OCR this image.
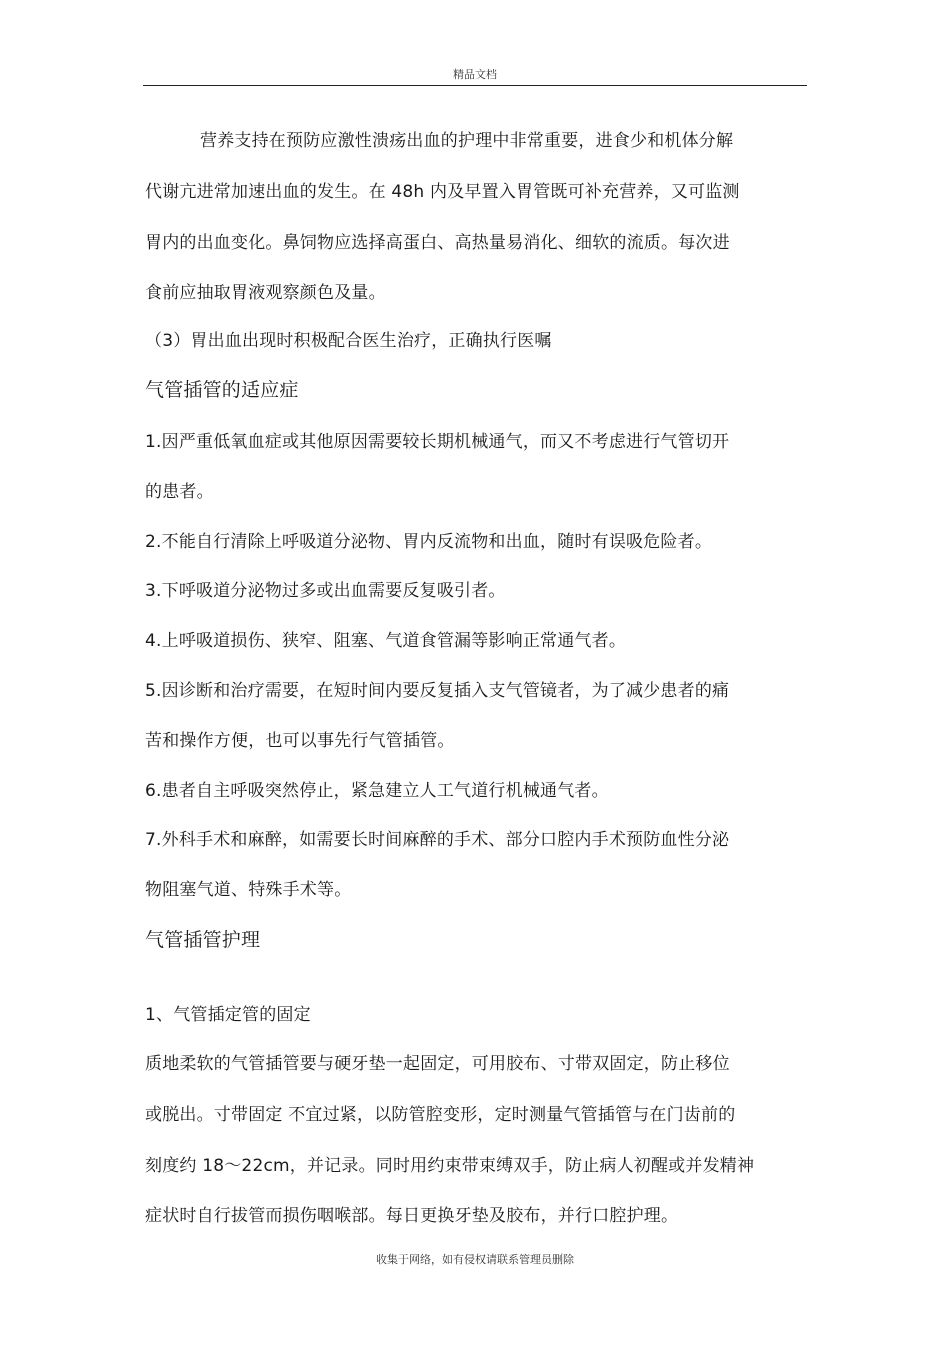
精品文档
营养支持在预防应激性溃疡出血的护理中非常重要，进食少和机体分解
代谢亢进常加速出血的发生。在 48h 内及早置入胃管既可补充营养，又可监测
胃内的出血变化。鼻饲物应选择高蛋白、高热量易消化、细软的流质。每次进
食前应抽取胃液观察颜色及量。
（3）胃出血出现时积极配合医生治疗，正确执行医嘱
气管插管的适应症
1.因严重低氧血症或其他原因需要较长期机械通气，而又不考虑进行气管切开
的患者。
2.不能自行清除上呼吸道分泌物、胃内反流物和出血，随时有误吸危险者。
3.下呼吸道分泌物过多或出血需要反复吸引者。
4.上呼吸道损伤、狭窄、阻塞、气道食管漏等影响正常通气者。
5.因诊断和治疗需要，在短时间内要反复插入支气管镜者，为了减少患者的痛
苦和操作方便，也可以事先行气管插管。
6.患者自主呼吸突然停止，紧急建立人工气道行机械通气者。
7.外科手术和麻醉，如需要长时间麻醉的手术、部分口腔内手术预防血性分泌
物阻塞气道、特殊手术等。
气管插管护理
1、气管插定管的固定
质地柔软的气管插管要与硬牙垫一起固定，可用胶布、寸带双固定，防止移位
或脱出。寸带固定 不宜过紧，以防管腔变形，定时测量气管插管与在门齿前的
刻度约 18～22cm，并记录。同时用约束带束缚双手，防止病人初醒或并发精神
症状时自行拔管而损伤咽喉部。每日更换牙垫及胶布，并行口腔护理。
收集于网络，如有侵权请联系管理员删除
